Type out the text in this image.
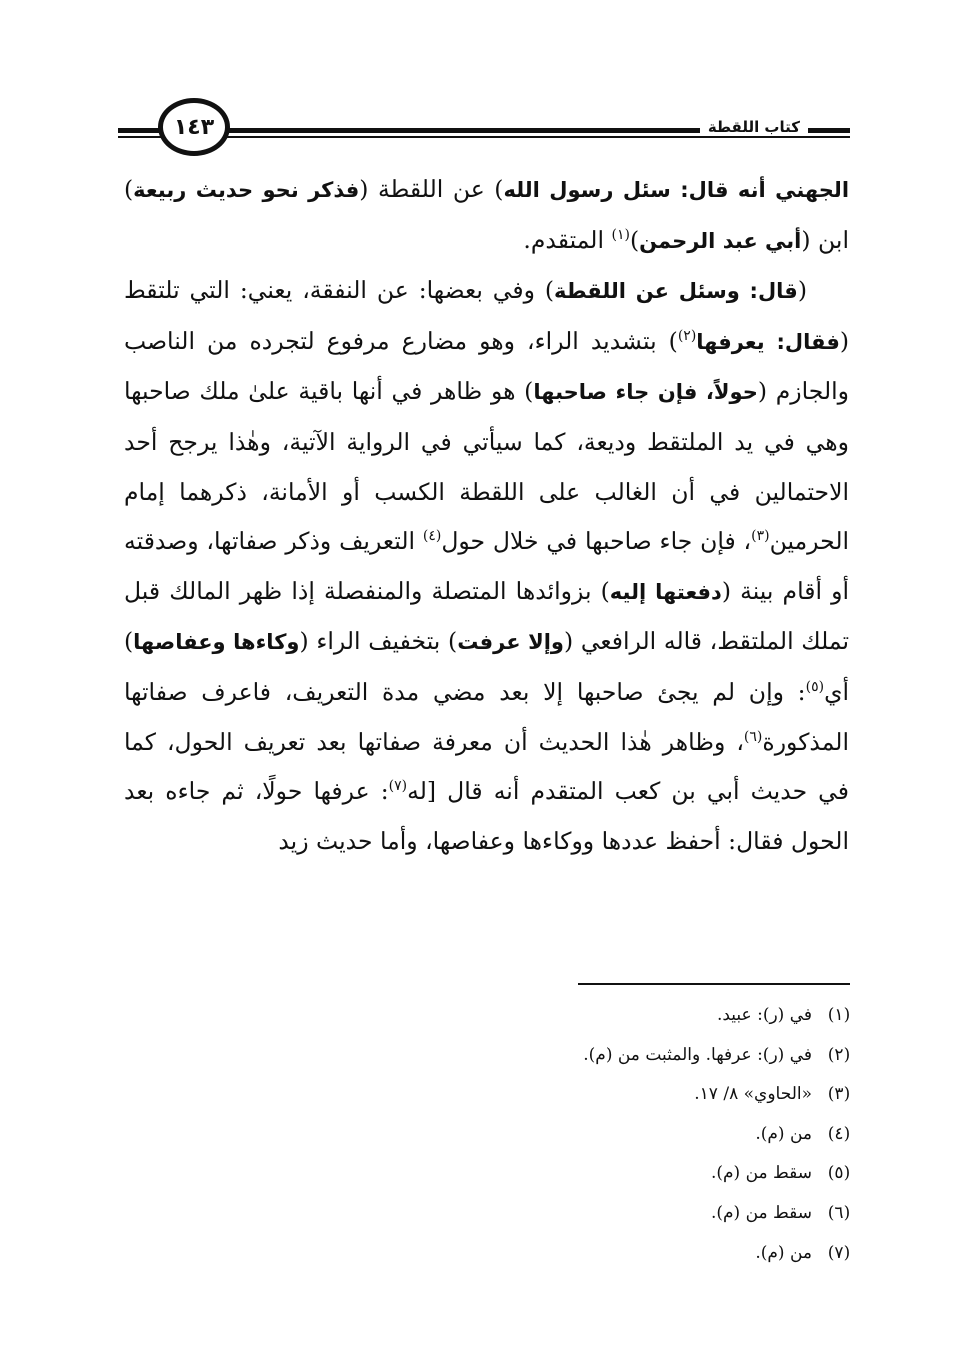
١٤٣	كتاب اللقطة

الجهني أنه قال: سئل رسول الله) عن اللقطة (فذكر نحو حديث ربيعة) ابن (أبي عبد الرحمن)$^{(١)}$ المتقدم.

(قال: وسئل عن اللقطة) وفي بعضها: عن النفقة، يعني: التي تلتقط (فقال: يعرفها$^{(٢)}$) بتشديد الراء، وهو مضارع مرفوع لتجرده من الناصب والجازم (حولاً، فإن جاء صاحبها) هو ظاهر في أنها باقية علىٰ ملك صاحبها وهي في يد الملتقط وديعة، كما سيأتي في الرواية الآتية، وهٰذا يرجح أحد الاحتمالين في أن الغالب على اللقطة الكسب أو الأمانة، ذكرهما إمام الحرمين$^{(٣)}$، فإن جاء صاحبها في خلال حول$^{(٤)}$ التعريف وذكر صفاتها، وصدقته أو أقام بينة (دفعتها إليه) بزوائدها المتصلة والمنفصلة إذا ظهر المالك قبل تملك الملتقط، قاله الرافعي (وإلا عرفت) بتخفيف الراء (وكاءها وعفاصها) أي$^{(٥)}$: وإن لم يجئ صاحبها إلا بعد مضي مدة التعريف، فاعرف صفاتها المذكورة$^{(٦)}$، وظاهر هٰذا الحديث أن معرفة صفاتها بعد تعريف الحول، كما في حديث أبي بن كعب المتقدم أنه قال [له$^{(٧)}$: عرفها حولًا، ثم جاءه بعد الحول فقال: أحفظ عددها ووكاءها وعفاصها، وأما حديث زيد

(١)في (ر): عبيد.
(٢)في (ر): عرفها. والمثبت من (م).
(٣)«الحاوي» ٨/ ١٧.
(٤)من (م).
(٥)سقط من (م).
(٦)سقط من (م).
(٧)من (م).
